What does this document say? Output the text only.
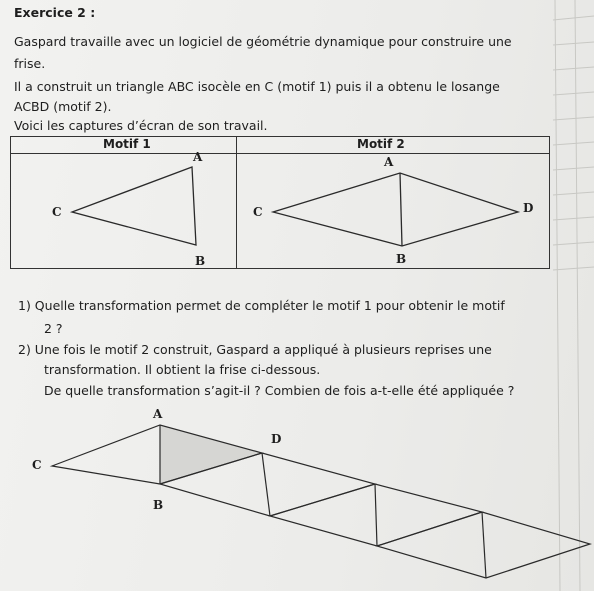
Exercice 2 :
Gaspard travaille avec un logiciel de géométrie dynamique pour construire une
frise.
Il a construit un triangle ABC isocèle en C (motif 1) puis il a obtenu le losange
ACBD (motif 2).
Voici les captures d’écran de son travail.
Motif 1	Motif 2
A
C
B
A
C	D
B
1) Quelle transformation permet de compléter le motif 1 pour obtenir le motif
2 ?
2) Une fois le motif 2 construit, Gaspard a appliqué à plusieurs reprises une
transformation. Il obtient la frise ci-dessous.
De quelle transformation s’agit-il ? Combien de fois a-t-elle été appliquée ?
A
D
C
B
